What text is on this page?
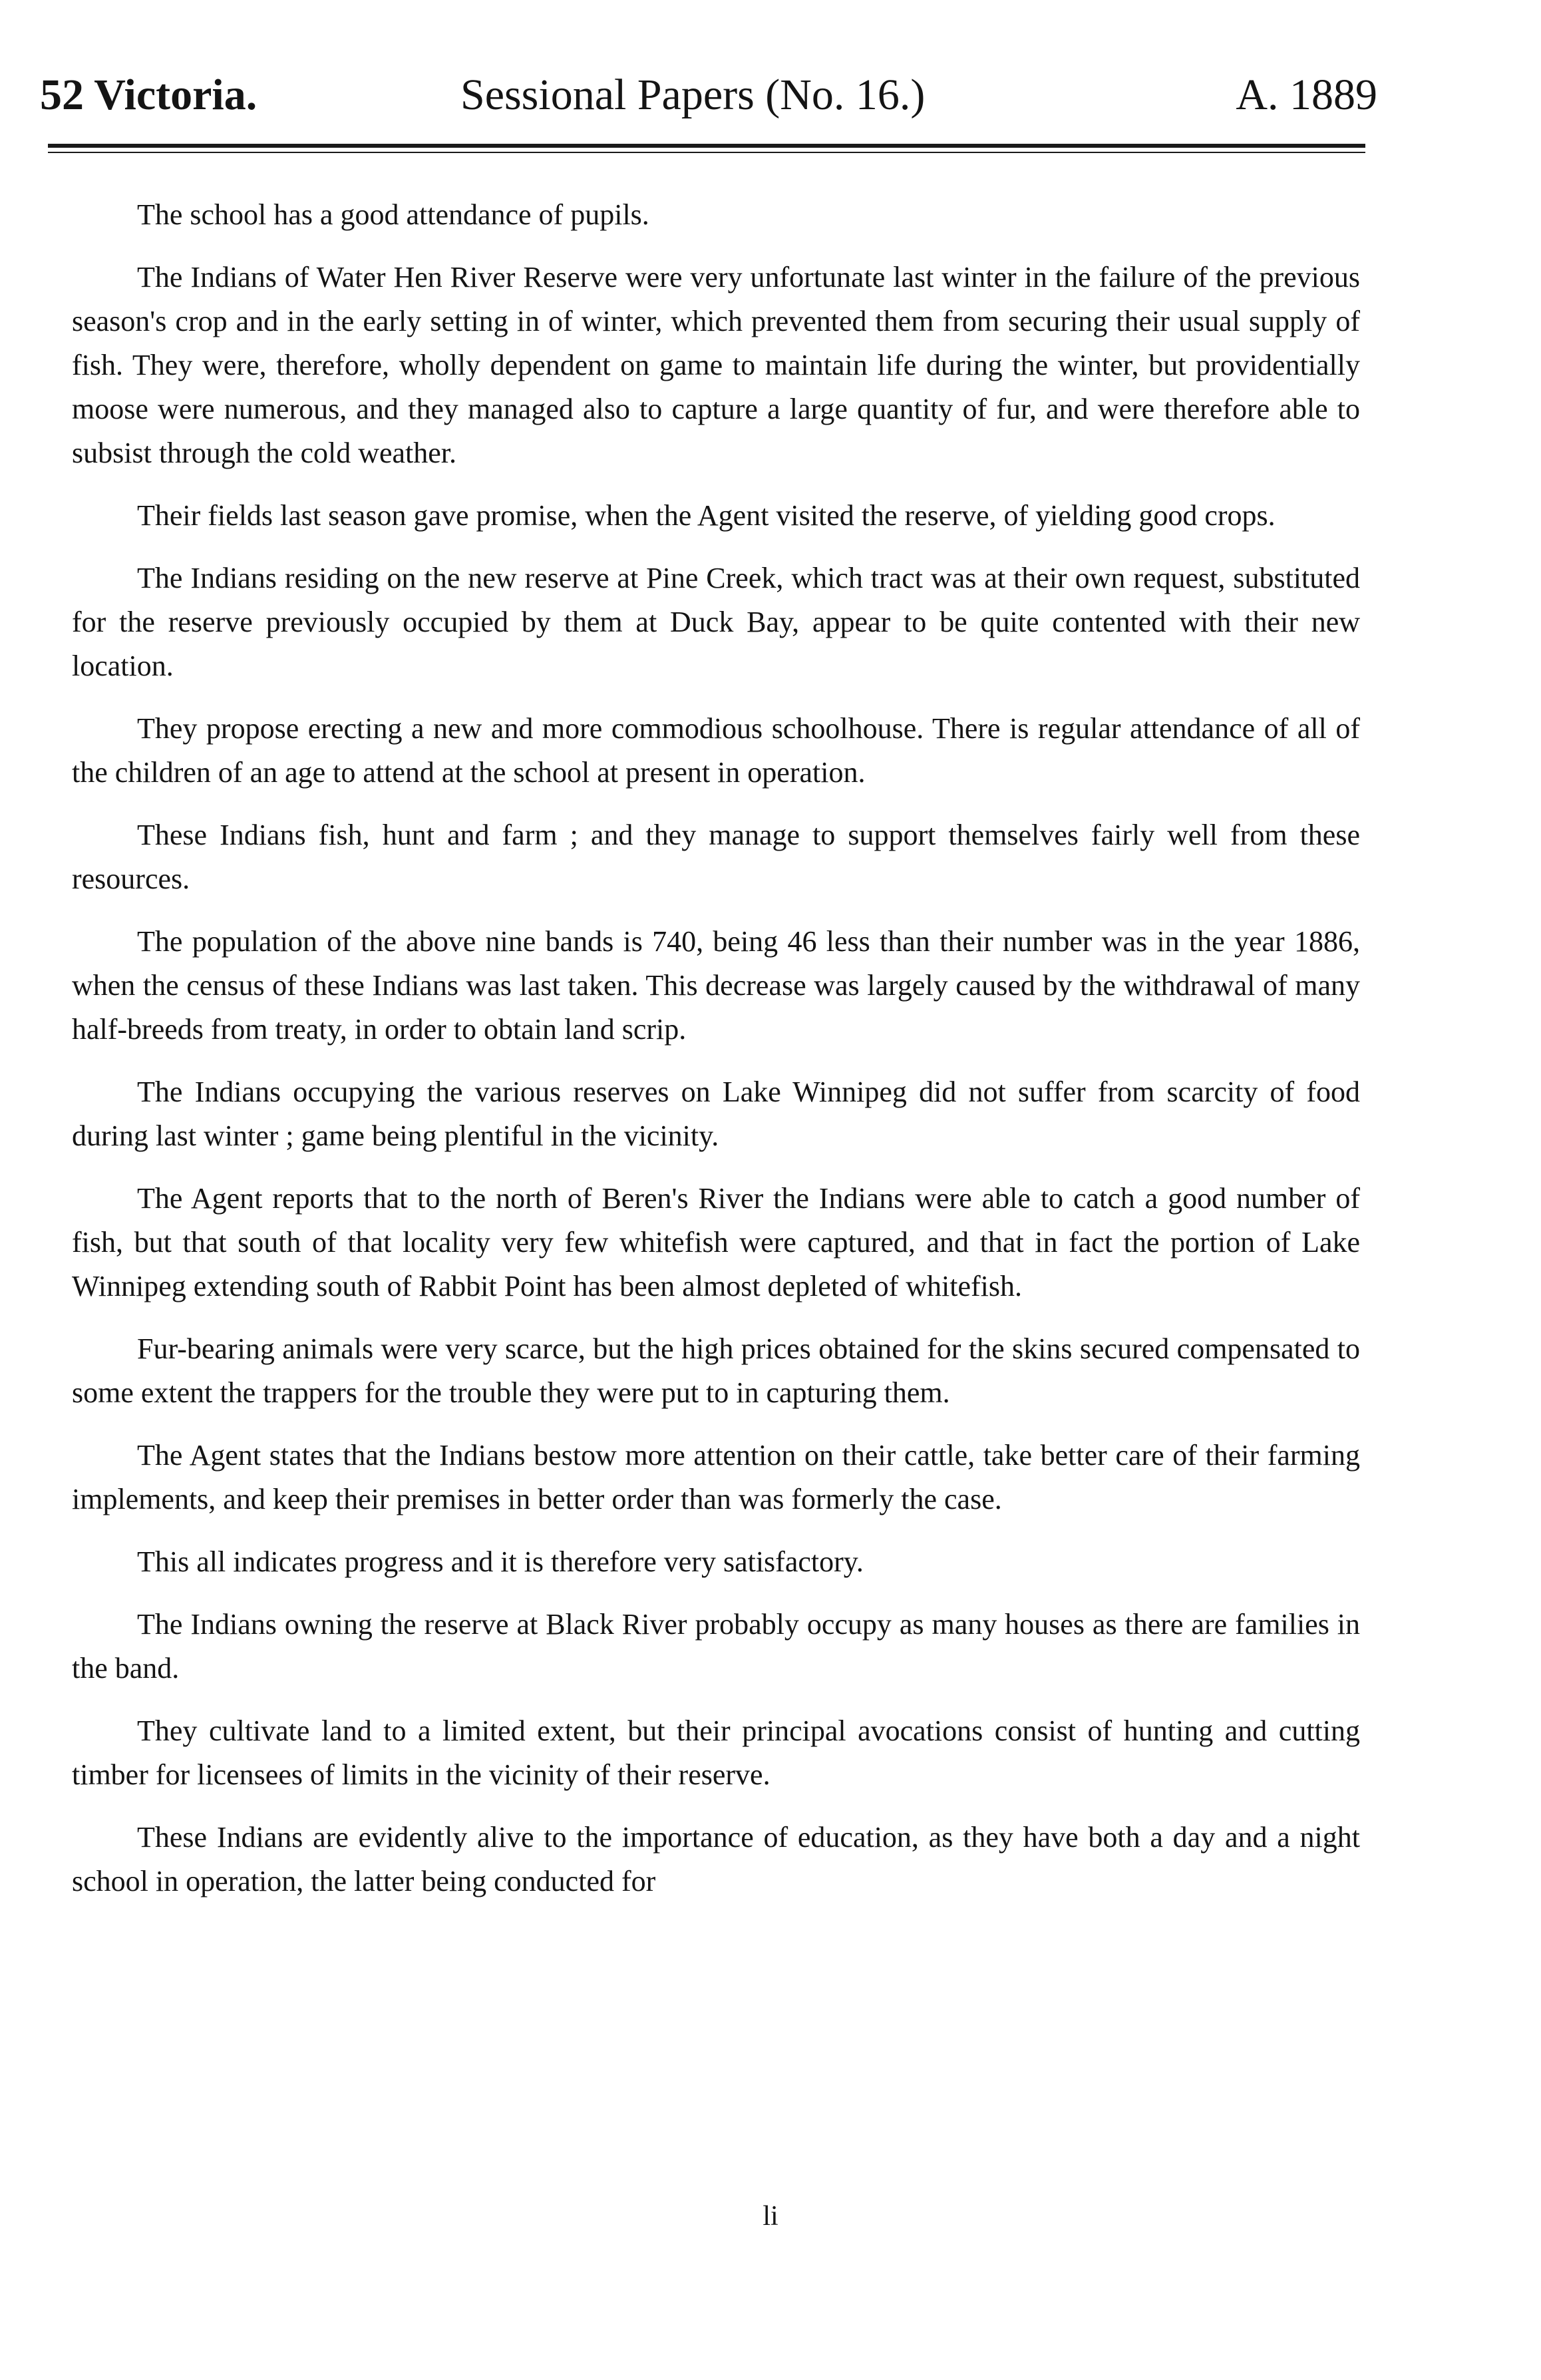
52 Victoria.	Sessional Papers (No. 16.)	A. 1889

The school has a good attendance of pupils.

The Indians of Water Hen River Reserve were very unfortunate last winter in the failure of the previous season's crop and in the early setting in of winter, which prevented them from securing their usual supply of fish. They were, therefore, wholly dependent on game to maintain life during the winter, but providentially moose were numerous, and they managed also to capture a large quantity of fur, and were therefore able to subsist through the cold weather.

Their fields last season gave promise, when the Agent visited the reserve, of yielding good crops.

The Indians residing on the new reserve at Pine Creek, which tract was at their own request, substituted for the reserve previously occupied by them at Duck Bay, appear to be quite contented with their new location.

They propose erecting a new and more commodious schoolhouse. There is regular attendance of all of the children of an age to attend at the school at present in operation.

These Indians fish, hunt and farm ; and they manage to support themselves fairly well from these resources.

The population of the above nine bands is 740, being 46 less than their number was in the year 1886, when the census of these Indians was last taken. This decrease was largely caused by the withdrawal of many half-breeds from treaty, in order to obtain land scrip.

The Indians occupying the various reserves on Lake Winnipeg did not suffer from scarcity of food during last winter ; game being plentiful in the vicinity.

The Agent reports that to the north of Beren's River the Indians were able to catch a good number of fish, but that south of that locality very few whitefish were captured, and that in fact the portion of Lake Winnipeg extending south of Rabbit Point has been almost depleted of whitefish.

Fur-bearing animals were very scarce, but the high prices obtained for the skins secured compensated to some extent the trappers for the trouble they were put to in capturing them.

The Agent states that the Indians bestow more attention on their cattle, take better care of their farming implements, and keep their premises in better order than was formerly the case.

This all indicates progress and it is therefore very satisfactory.

The Indians owning the reserve at Black River probably occupy as many houses as there are families in the band.

They cultivate land to a limited extent, but their principal avocations consist of hunting and cutting timber for licensees of limits in the vicinity of their reserve.

These Indians are evidently alive to the importance of education, as they have both a day and a night school in operation, the latter being conducted for

li
